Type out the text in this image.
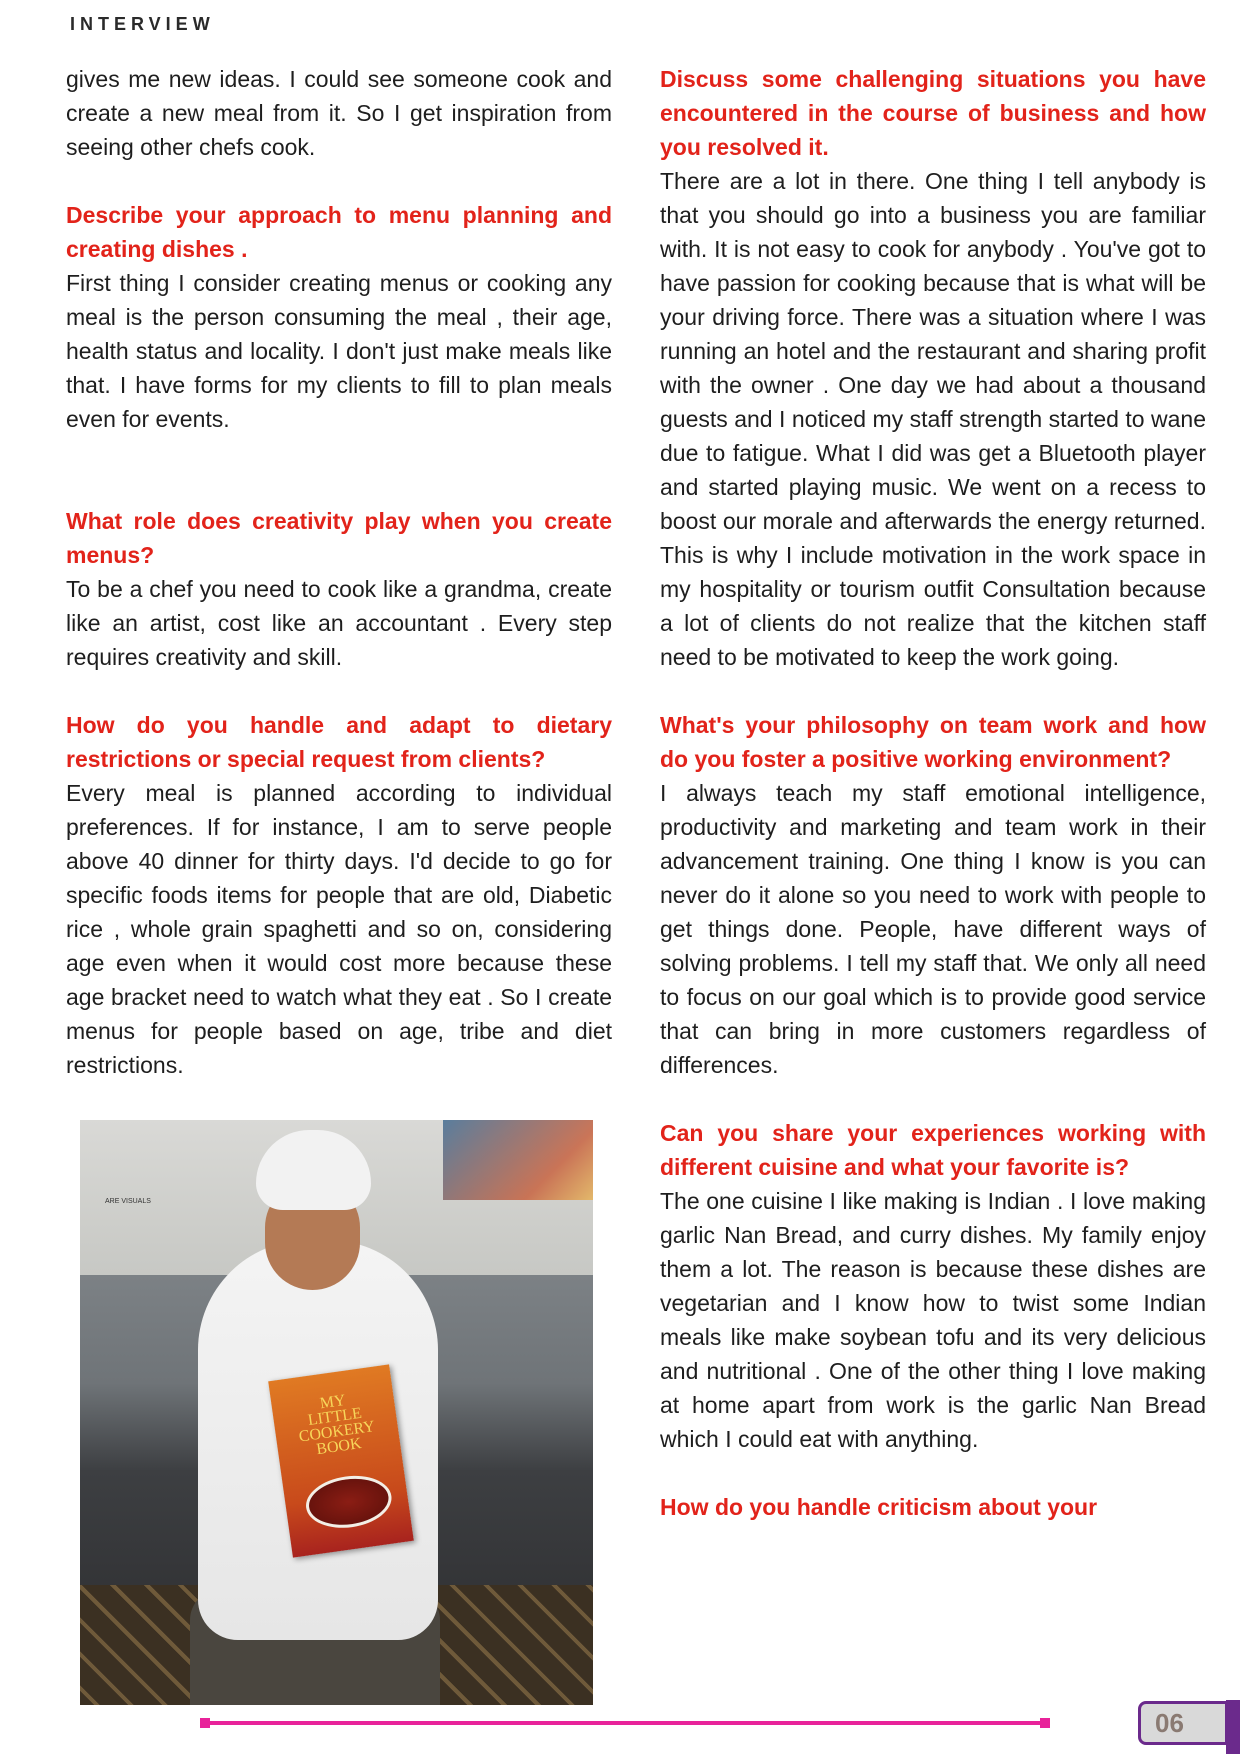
INTERVIEW

gives me new ideas. I could see someone cook and create a new meal from it. So I get inspiration from seeing other chefs cook.

Describe your approach to menu planning and creating dishes .

First thing I consider creating menus or cooking any meal is the person consuming the meal , their age, health status and locality. I don't just make meals like that. I have forms for my clients to fill to plan meals even for events.

What role does creativity play when you create menus?

To be a chef you need to cook like a grandma, create like an artist, cost like an accountant . Every step requires creativity and skill.

How do you handle and adapt to dietary restrictions or special request from clients?

Every meal is planned according to individual preferences. If for instance, I am to serve people above 40 dinner for thirty days. I'd decide to go for specific foods items for people that are old, Diabetic rice , whole grain spaghetti and so on, considering age even when it would cost more because these age bracket need to watch what they eat . So I create menus for people based on age, tribe and diet restrictions.

ARE VISUALS
MY
LITTLE
COOKERY
BOOK
Discuss some challenging situations you have encountered in the course of business and how you resolved it.

There are a lot in there. One thing I tell anybody is that you should go into a business you are familiar with. It is not easy to cook for anybody . You've got to have passion for cooking because that is what will be your driving force. There was a situation where I was running an hotel and the restaurant and sharing profit with the owner . One day we had about a thousand guests and I noticed my staff strength started to wane due to fatigue. What I did was get a Bluetooth player and started playing music. We went on a recess to boost our morale and afterwards the energy returned. This is why I include motivation in the work space in my hospitality or tourism outfit Consultation because a lot of clients do not realize that the kitchen staff need to be motivated to keep the work going.

What's your philosophy on team work and how do you foster a positive working environment?

I always teach my staff emotional intelligence, productivity and marketing and team work in their advancement training. One thing I know is you can never do it alone so you need to work with people to get things done. People, have different ways of solving problems. I tell my staff that. We only all need to focus on our goal which is to provide good service that can bring in more customers regardless of differences.

Can you share your experiences working with different cuisine and what your favorite is?

The one cuisine I like making is Indian . I love making garlic Nan Bread, and curry dishes. My family enjoy them a lot. The reason is because these dishes are vegetarian and I know how to twist some Indian meals like make soybean tofu and its very delicious and nutritional . One of the other thing I love making at home apart from work is the garlic Nan Bread which I could eat with anything.

How do you handle criticism about your
06
